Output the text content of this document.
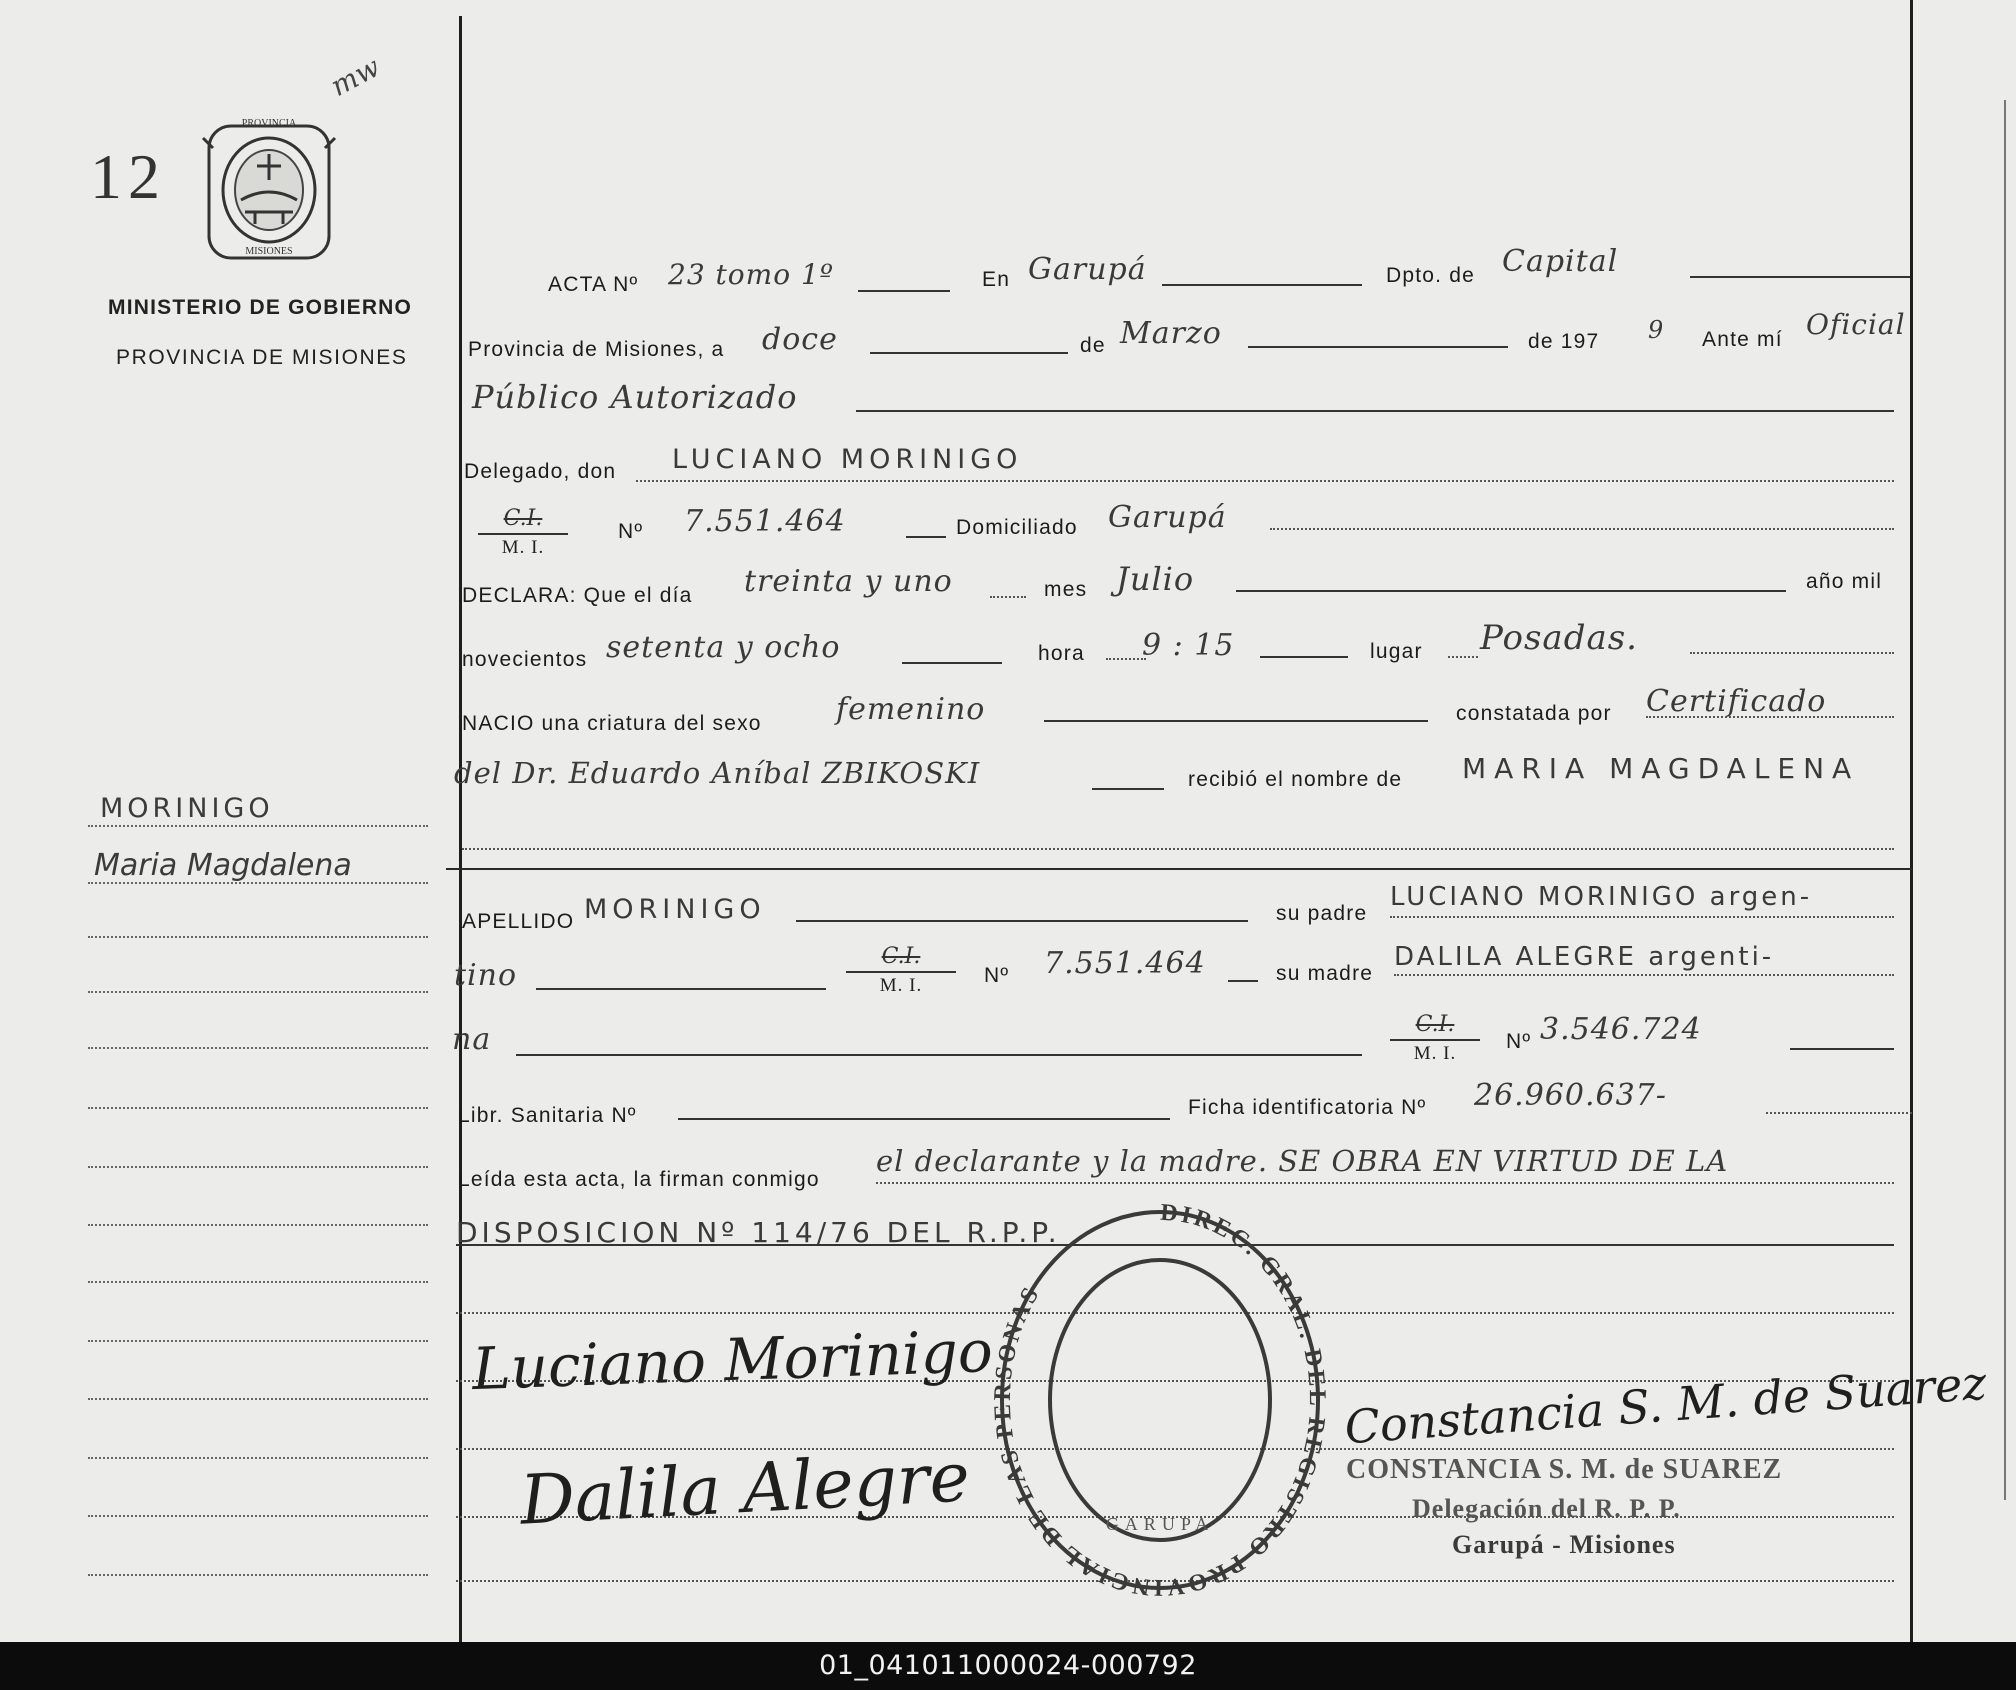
12
PROVINCIA
MISIONES
mw
MINISTERIO DE GOBIERNO
PROVINCIA DE MISIONES
MORINIGO
Maria Magdalena
ACTA Nº 23 tomo 1º	En Garupá	Dpto. de Capital
Provincia de Misiones, a doce	de Marzo	de 197 9 Ante mí Oficial
Público Autorizado
Delegado, don LUCIANO MORINIGO
C.I.
M. I.
Nº 7.551.464	Domiciliado Garupá
DECLARA: Que el día treinta y uno	mes Julio	año mil
novecientos setenta y ocho	hora 9 : 15	lugar Posadas.
NACIO una criatura del sexo femenino	constatada por Certificado
del Dr. Eduardo Aníbal ZBIKOSKI	recibió el nombre de MARIA MAGDALENA
APELLIDO MORINIGO	su padre
LUCIANO MORINIGO argen-
tino
C.I.
M. I.	Nº 7.551.464	su madre
DALILA ALEGRE argenti-
na	C.I.
M. I.
Nº 3.546.724
Libr. Sanitaria Nº	Ficha identificatoria Nº 26.960.637-
Leída esta acta, la firman conmigo
el declarante y la madre. SE OBRA EN VIRTUD DE LA
DISPOSICION Nº 114/76 DEL R.P.P.
DIREC. GRAL. DEL REGISTRO PROVINCIAL DE LAS PERSONAS
GARUPA
Luciano Morinigo
Dalila Alegre
Constancia S. M. de Suarez
CONSTANCIA S. M. de SUAREZ
Delegación del R. P. P.
Garupá - Misiones
01_041011000024-000792
